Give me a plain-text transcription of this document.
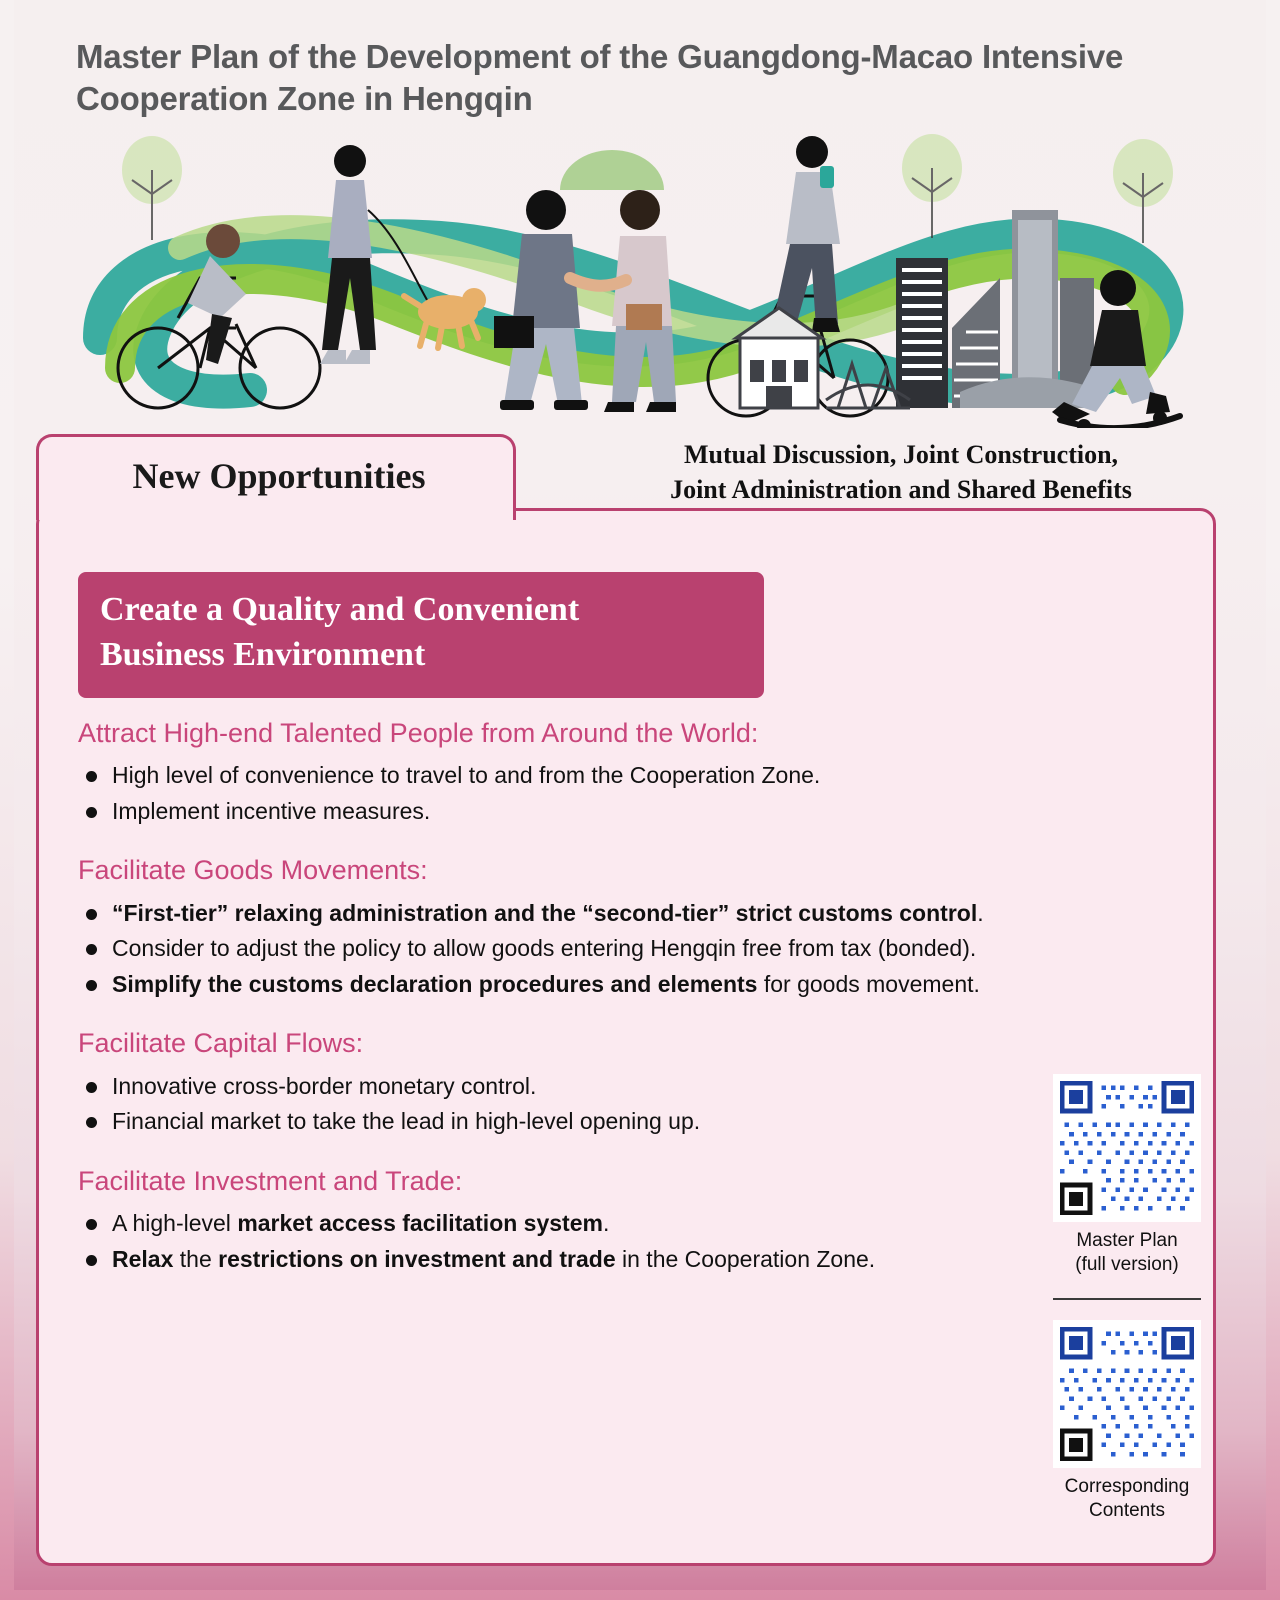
Master Plan of the Development of the Guangdong-Macao Intensive Cooperation Zone in Hengqin
New Opportunities
Mutual Discussion, Joint Construction,
Joint Administration and Shared Benefits
Create a Quality and Convenient
Business Environment
Attract High-end Talented People from Around the World:
High level of convenience to travel to and from the Cooperation Zone.
Implement incentive measures.
Facilitate Goods Movements:
“First-tier” relaxing administration and the “second-tier” strict customs control.
Consider to adjust the policy to allow goods entering Hengqin free from tax (bonded).
Simplify the customs declaration procedures and elements for goods movement.
Facilitate Capital Flows:
Innovative cross-border monetary control.
Financial market to take the lead in high-level opening up.
Facilitate Investment and Trade:
A high-level market access facilitation system.
Relax the restrictions on investment and trade in the Cooperation Zone.
Master Plan
(full version)
Corresponding
Contents
